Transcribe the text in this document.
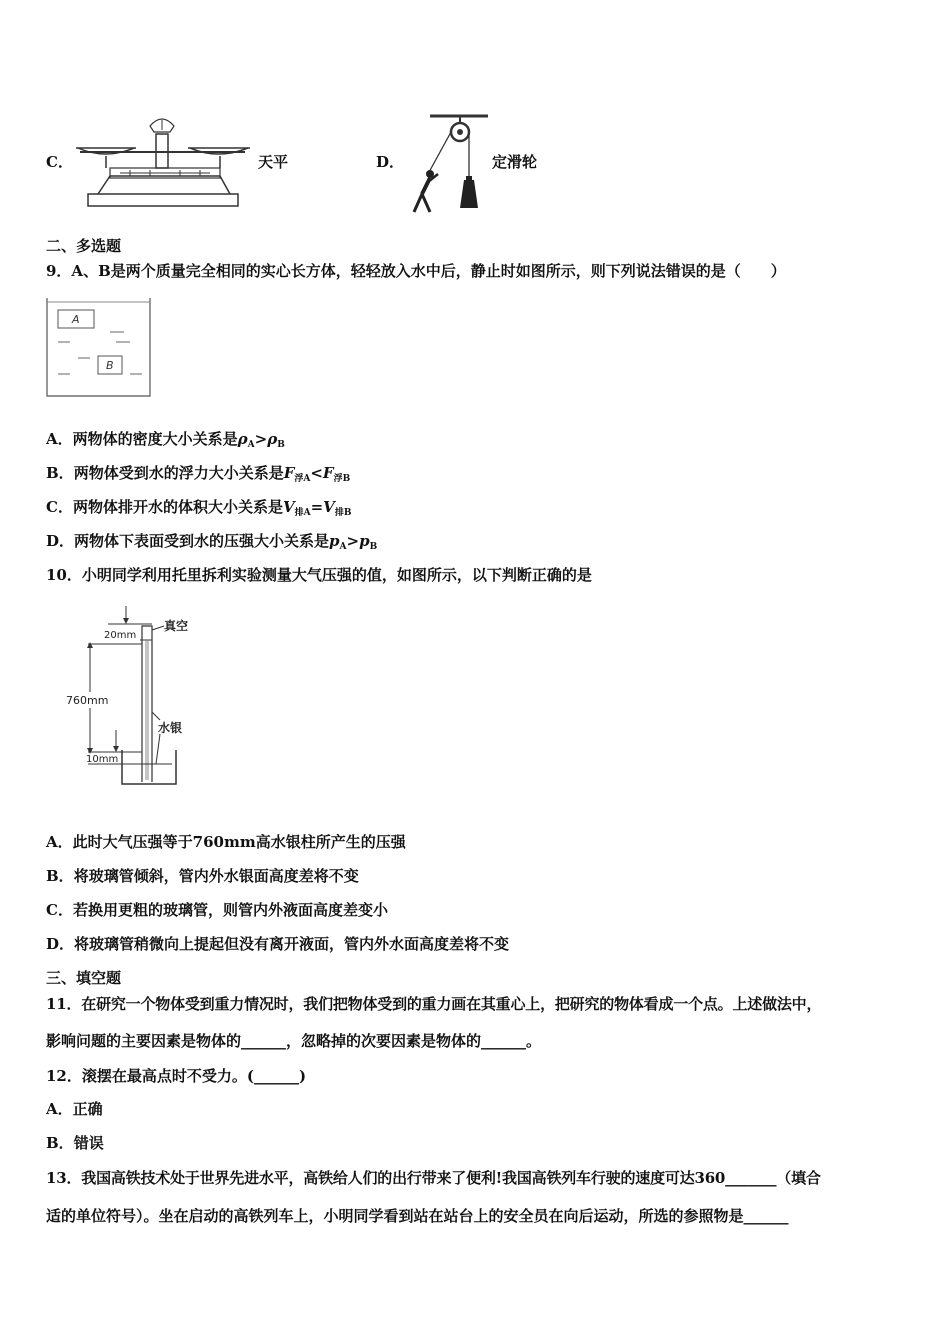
C．	天平	D．	定滑轮
二、多选题
9．A、B是两个质量完全相同的实心长方体，轻轻放入水中后，静止时如图所示，则下列说法错误的是（　　）
A
B
A．两物体的密度大小关系是$\rho_A>\rho_B$
B．两物体受到水的浮力大小关系是$F_{浮A}<F_{浮B}$
C．两物体排开水的体积大小关系是$V_{排A}=V_{排B}$
D．两物体下表面受到水的压强大小关系是$p_A>p_B$
10．小明同学利用托里拆利实验测量大气压强的值，如图所示，以下判断正确的是
20mm
真空
760mm
水银
10mm
A．此时大气压强等于760mm高水银柱所产生的压强
B．将玻璃管倾斜，管内外水银面高度差将不变
C．若换用更粗的玻璃管，则管内外液面高度差变小
D．将玻璃管稍微向上提起但没有离开液面，管内外水面高度差将不变
三、填空题
11．在研究一个物体受到重力情况时，我们把物体受到的重力画在其重心上，把研究的物体看成一个点。上述做法中，
影响问题的主要因素是物体的______，忽略掉的次要因素是物体的______。
12．滚摆在最高点时不受力。(______)
A．正确
B．错误
13．我国高铁技术处于世界先进水平，高铁给人们的出行带来了便利!我国高铁列车行驶的速度可达360_______（填合
适的单位符号）。坐在启动的高铁列车上，小明同学看到站在站台上的安全员在向后运动，所选的参照物是______
